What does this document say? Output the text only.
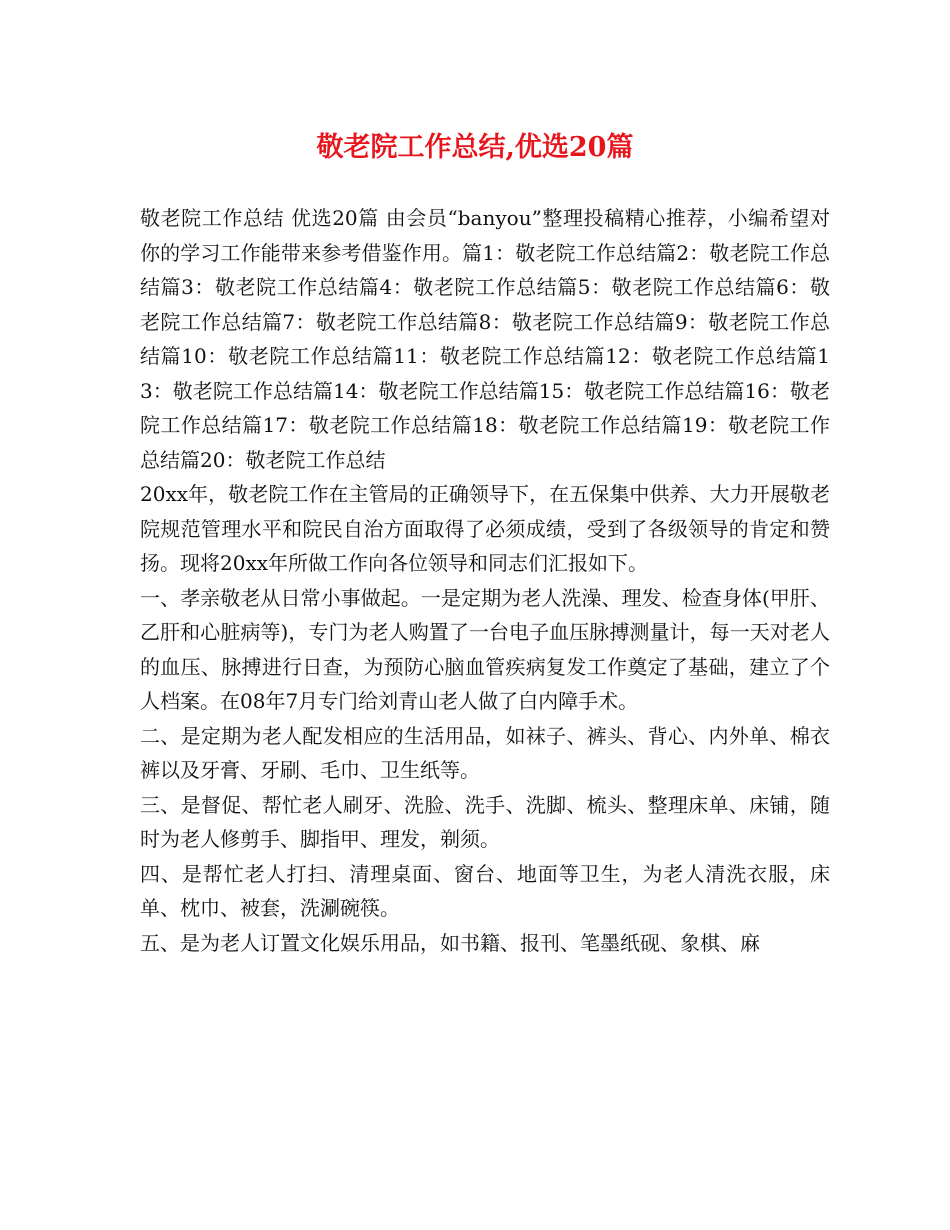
敬老院工作总结,优选20篇

敬老院工作总结 优选20篇 由会员“banyou”整理投稿精心推荐，小编希望对你的学习工作能带来参考借鉴作用。篇1：敬老院工作总结篇2：敬老院工作总结篇3：敬老院工作总结篇4：敬老院工作总结篇5：敬老院工作总结篇6：敬老院工作总结篇7：敬老院工作总结篇8：敬老院工作总结篇9：敬老院工作总结篇10：敬老院工作总结篇11：敬老院工作总结篇12：敬老院工作总结篇13：敬老院工作总结篇14：敬老院工作总结篇15：敬老院工作总结篇16：敬老院工作总结篇17：敬老院工作总结篇18：敬老院工作总结篇19：敬老院工作总结篇20：敬老院工作总结

20xx年，敬老院工作在主管局的正确领导下，在五保集中供养、大力开展敬老院规范管理水平和院民自治方面取得了必须成绩，受到了各级领导的肯定和赞扬。现将20xx年所做工作向各位领导和同志们汇报如下。

一、孝亲敬老从日常小事做起。一是定期为老人洗澡、理发、检查身体(甲肝、乙肝和心脏病等)，专门为老人购置了一台电子血压脉搏测量计，每一天对老人的血压、脉搏进行日查，为预防心脑血管疾病复发工作奠定了基础，建立了个人档案。在08年7月专门给刘青山老人做了白内障手术。

二、是定期为老人配发相应的生活用品，如袜子、裤头、背心、内外单、棉衣裤以及牙膏、牙刷、毛巾、卫生纸等。

三、是督促、帮忙老人刷牙、洗脸、洗手、洗脚、梳头、整理床单、床铺，随时为老人修剪手、脚指甲、理发，剃须。

四、是帮忙老人打扫、清理桌面、窗台、地面等卫生，为老人清洗衣服，床单、枕巾、被套，洗涮碗筷。

五、是为老人订置文化娱乐用品，如书籍、报刊、笔墨纸砚、象棋、麻
